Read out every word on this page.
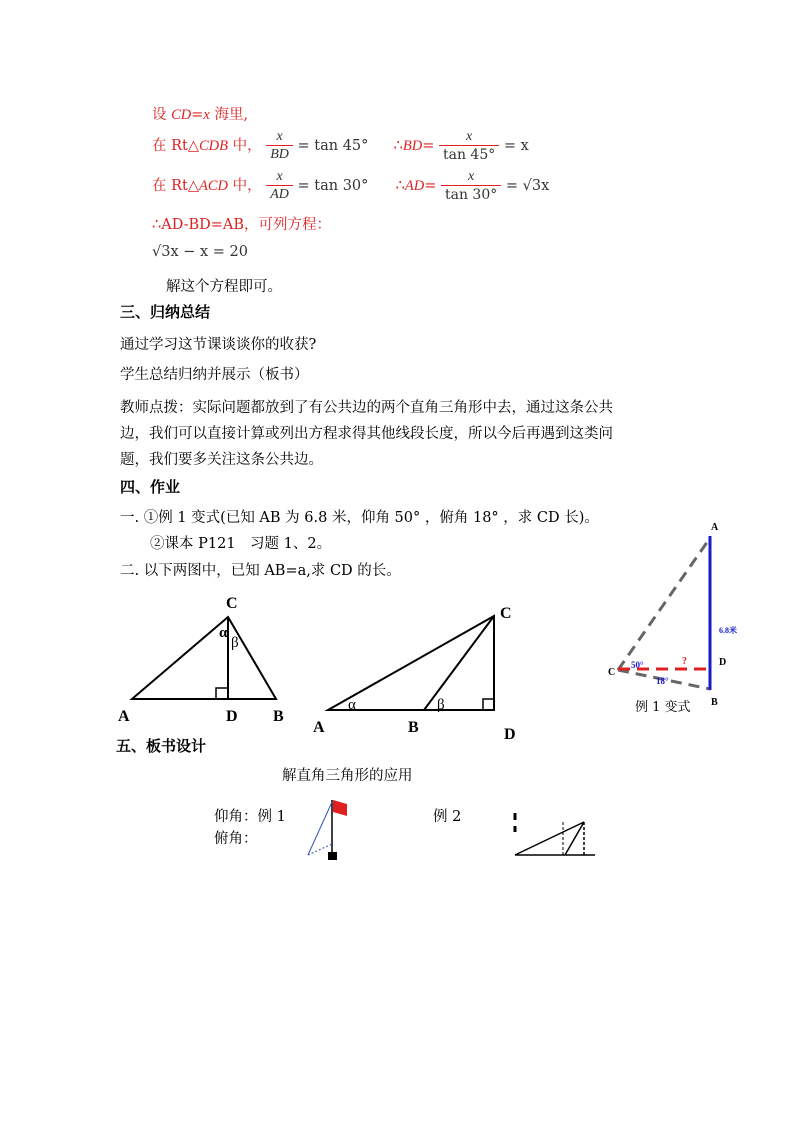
设 CD=x 海里,
在 Rt△CDB 中， $\frac{x}{BD} = \tan 45^\circ$ ∴BD= $\frac{x}{\tan 45^\circ} = x$
在 Rt△ACD 中， $\frac{x}{AD} = \tan 30^\circ$ ∴AD= $\frac{x}{\tan 30^\circ} = √3x$
∴AD-BD=AB，可列方程：
√3x − x = 20
解这个方程即可。
三、归纳总结
通过学习这节课谈谈你的收获?
学生总结归纳并展示（板书）
教师点拨：实际问题都放到了有公共边的两个直角三角形中去，通过这条公共
边，我们可以直接计算或列出方程求得其他线段长度，所以今后再遇到这类问
题，我们要多关注这条公共边。
四、作业
一. ①例 1 变式(已知 AB 为 6.8 米，仰角 50° ，俯角 18° ，求 CD 长)。
②课本 P121　习题 1、2。
二. 以下两图中，已知 AB=a,求 CD 的长。
C
A	D B
α
β
C
A	B	D
α	β
A
D
B
C
6.8米
50°
18°
?
例 1 变式
五、板书设计
解直角三角形的应用
仰角：例 1
俯角：
例 2
